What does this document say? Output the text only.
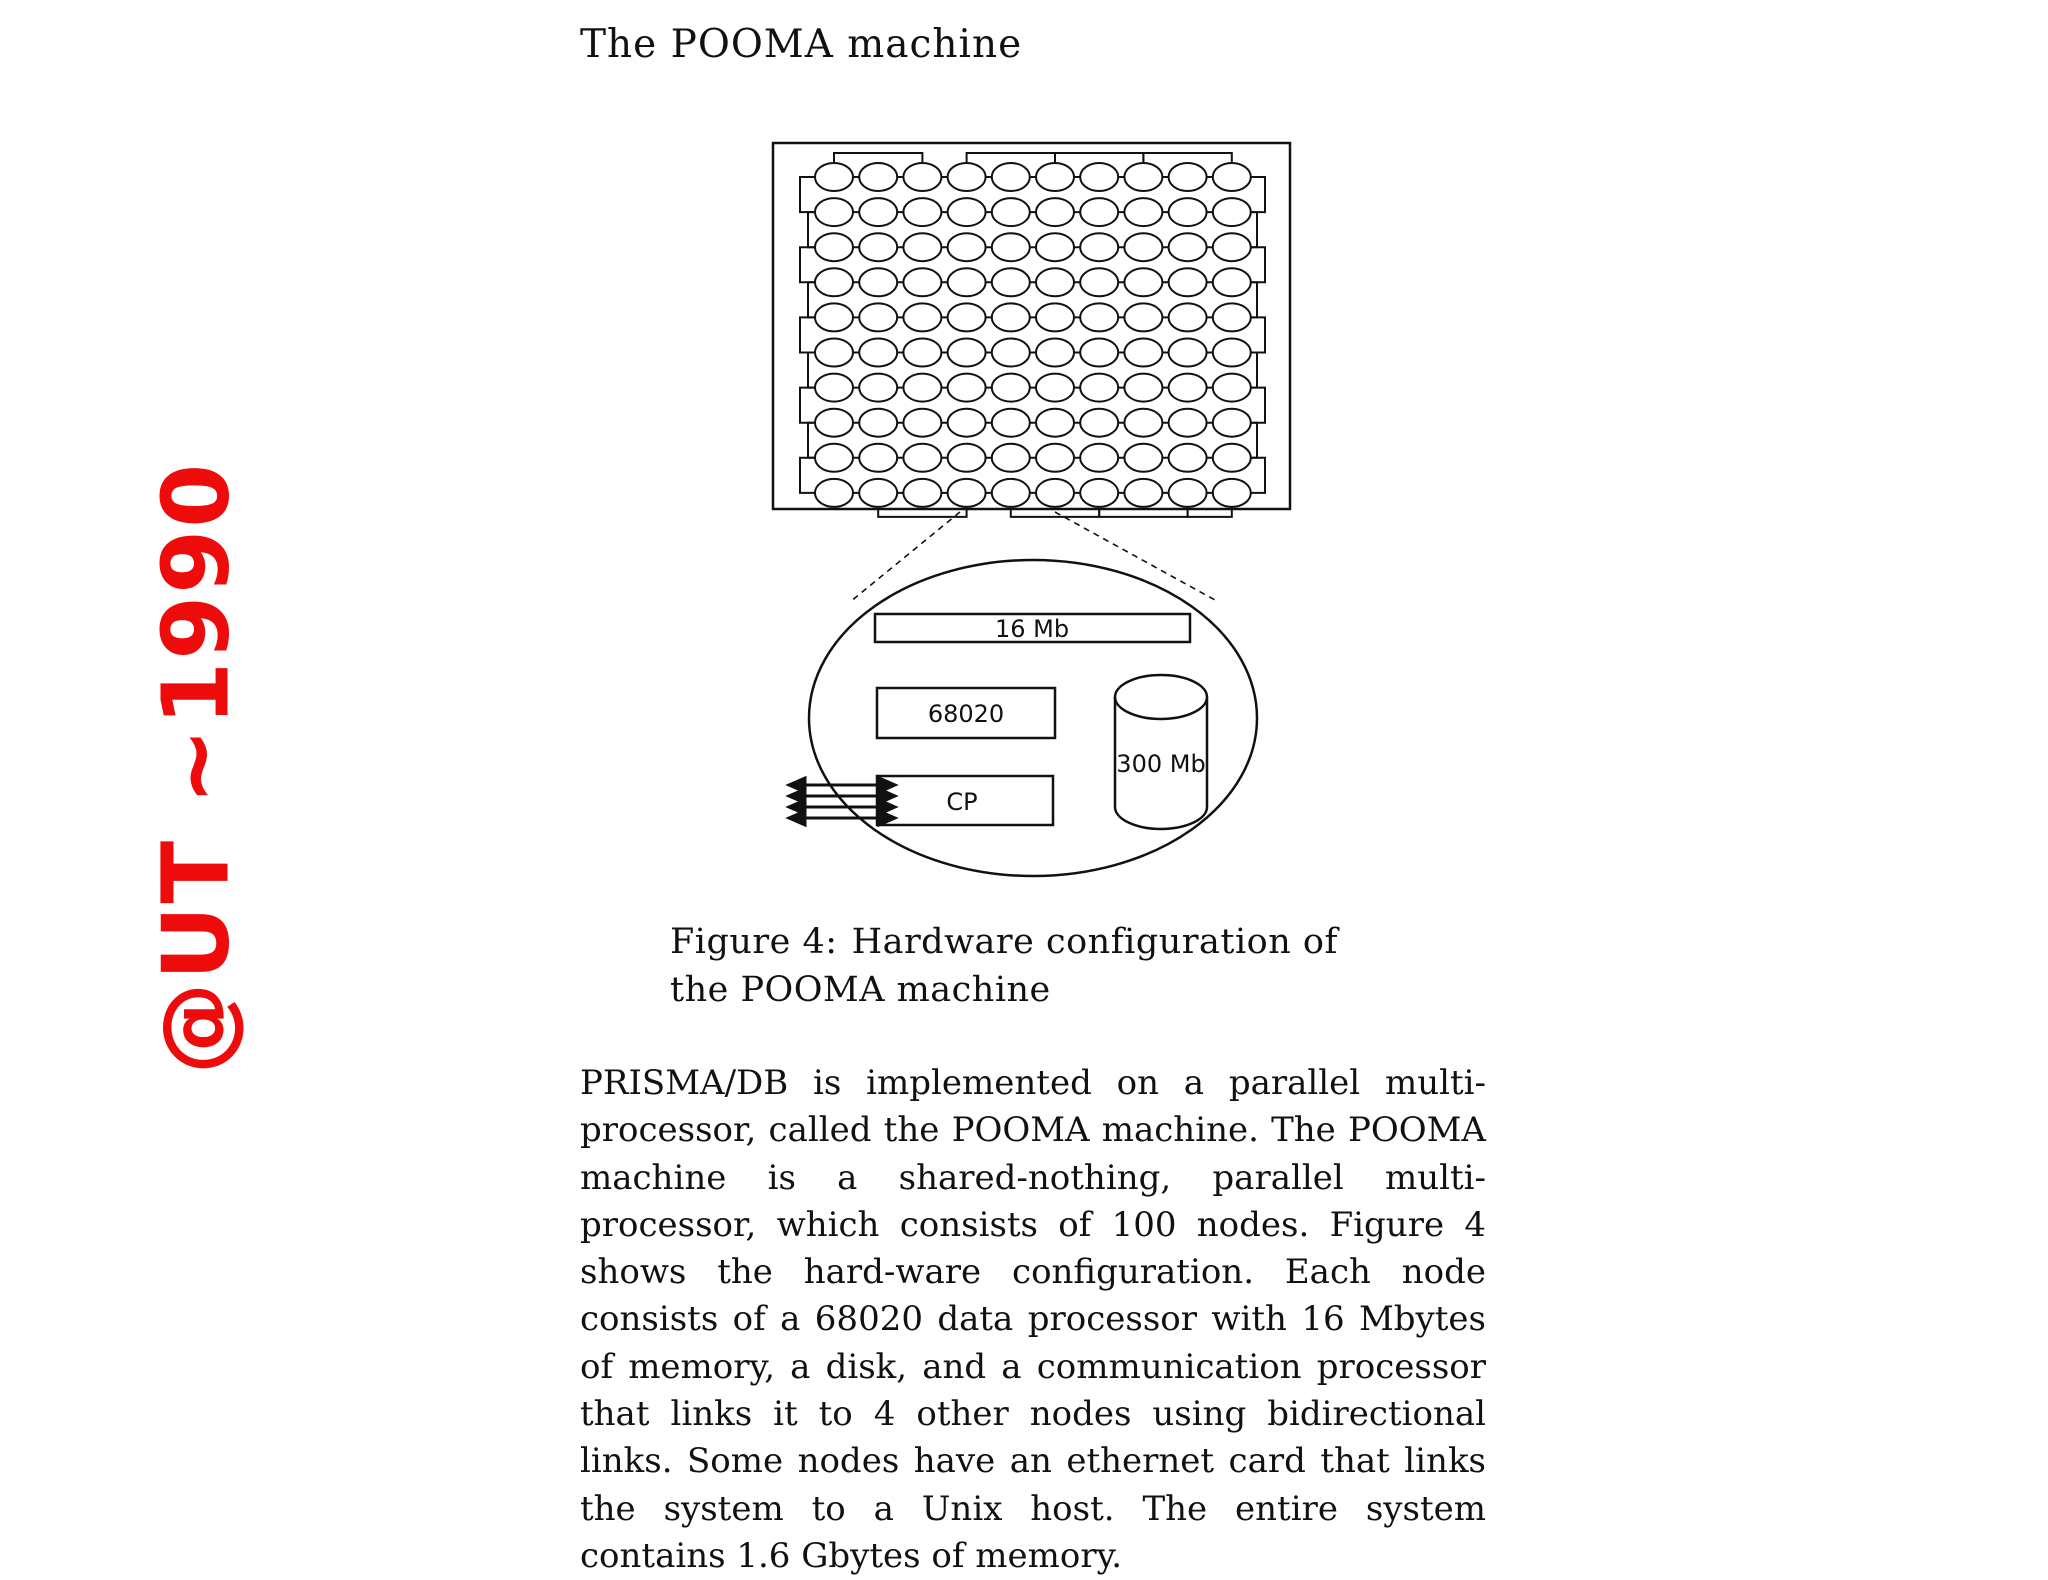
@UT ~1990
The POOMA machine
16 Mb
68020
CP
300 Mb
Figure 4: Hardware configuration of the POOMA machine

PRISMA/DB is implemented on a parallel multi-processor, called the POOMA machine. The POOMA machine is a shared-nothing, parallel multi-processor, which consists of 100 nodes. Figure 4 shows the hard-ware configuration. Each node consists of a 68020 data processor with 16 Mbytes of memory, a disk, and a communication processor that links it to 4 other nodes using bidirectional links. Some nodes have an ethernet card that links the system to a Unix host. The entire system contains 1.6 Gbytes of memory.
